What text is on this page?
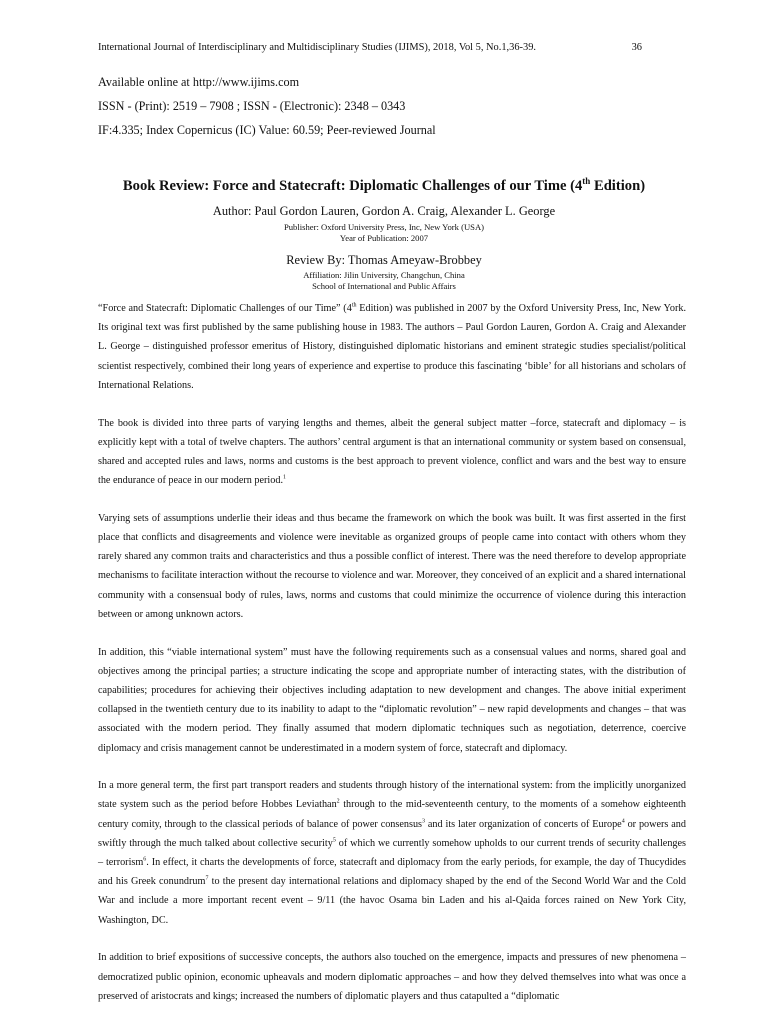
International Journal of Interdisciplinary and Multidisciplinary Studies (IJIMS), 2018, Vol 5, No.1,36-39.	36
Available online at http://www.ijims.com
ISSN - (Print): 2519 – 7908 ; ISSN - (Electronic): 2348 – 0343
IF:4.335; Index Copernicus (IC) Value: 60.59; Peer-reviewed Journal
Book Review: Force and Statecraft: Diplomatic Challenges of our Time (4th Edition)
Author: Paul Gordon Lauren, Gordon A. Craig, Alexander L. George
Publisher: Oxford University Press, Inc, New York (USA)
Year of Publication: 2007
Review By: Thomas Ameyaw-Brobbey
Affiliation: Jilin University, Changchun, China
School of International and Public Affairs

“Force and Statecraft: Diplomatic Challenges of our Time” (4th Edition) was published in 2007 by the Oxford University Press, Inc, New York. Its original text was first published by the same publishing house in 1983. The authors – Paul Gordon Lauren, Gordon A. Craig and Alexander L. George – distinguished professor emeritus of History, distinguished diplomatic historians and eminent strategic studies specialist/political scientist respectively, combined their long years of experience and expertise to produce this fascinating ‘bible’ for all historians and scholars of International Relations.

The book is divided into three parts of varying lengths and themes, albeit the general subject matter –force, statecraft and diplomacy – is explicitly kept with a total of twelve chapters. The authors’ central argument is that an international community or system based on consensual, shared and accepted rules and laws, norms and customs is the best approach to prevent violence, conflict and wars and the best way to ensure the endurance of peace in our modern period.$^1$

Varying sets of assumptions underlie their ideas and thus became the framework on which the book was built. It was first asserted in the first place that conflicts and disagreements and violence were inevitable as organized groups of people came into contact with others whom they rarely shared any common traits and characteristics and thus a possible conflict of interest. There was the need therefore to develop appropriate mechanisms to facilitate interaction without the recourse to violence and war. Moreover, they conceived of an explicit and a shared international community with a consensual body of rules, laws, norms and customs that could minimize the occurrence of violence during this interaction between or among unknown actors.

In addition, this “viable international system” must have the following requirements such as a consensual values and norms, shared goal and objectives among the principal parties; a structure indicating the scope and appropriate number of interacting states, with the distribution of capabilities; procedures for achieving their objectives including adaptation to new development and changes. The above initial experiment collapsed in the twentieth century due to its inability to adapt to the “diplomatic revolution” – new rapid developments and changes – that was associated with the modern period. They finally assumed that modern diplomatic techniques such as negotiation, deterrence, coercive diplomacy and crisis management cannot be underestimated in a modern system of force, statecraft and diplomacy.

In a more general term, the first part transport readers and students through history of the international system: from the implicitly unorganized state system such as the period before Hobbes Leviathan$^2$ through to the mid-seventeenth century, to the moments of a somehow eighteenth century comity, through to the classical periods of balance of power consensus$^3$ and its later organization of concerts of Europe$^4$ or powers and swiftly through the much talked about collective security$^5$ of which we currently somehow upholds to our current trends of security challenges – terrorism$^6$. In effect, it charts the developments of force, statecraft and diplomacy from the early periods, for example, the day of Thucydides and his Greek conundrum$^7$ to the present day international relations and diplomacy shaped by the end of the Second World War and the Cold War and include a more important recent event – 9/11 (the havoc Osama bin Laden and his al-Qaida forces rained on New York City, Washington, DC.

In addition to brief expositions of successive concepts, the authors also touched on the emergence, impacts and pressures of new phenomena – democratized public opinion, economic upheavals and modern diplomatic approaches – and how they delved themselves into what was once a preserved of aristocrats and kings; increased the numbers of diplomatic players and thus catapulted a “diplomatic
